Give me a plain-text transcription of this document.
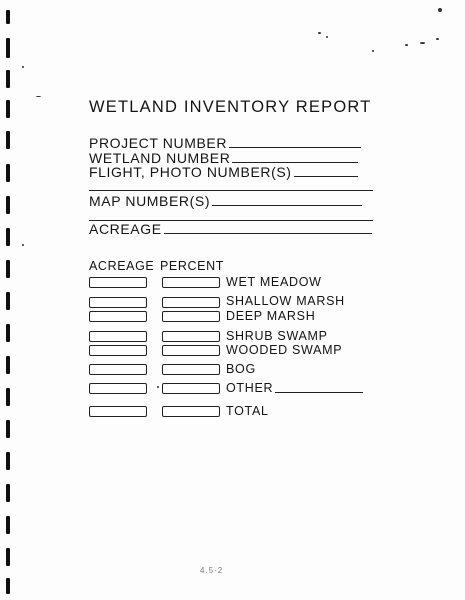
WETLAND INVENTORY REPORT
PROJECT NUMBER
WETLAND NUMBER
FLIGHT, PHOTO NUMBER(S)
MAP NUMBER(S)
ACREAGE
ACREAGE PERCENT
WET MEADOW
SHALLOW MARSH
DEEP MARSH
SHRUB SWAMP
WOODED SWAMP
BOG
OTHER
TOTAL
4.5-2
